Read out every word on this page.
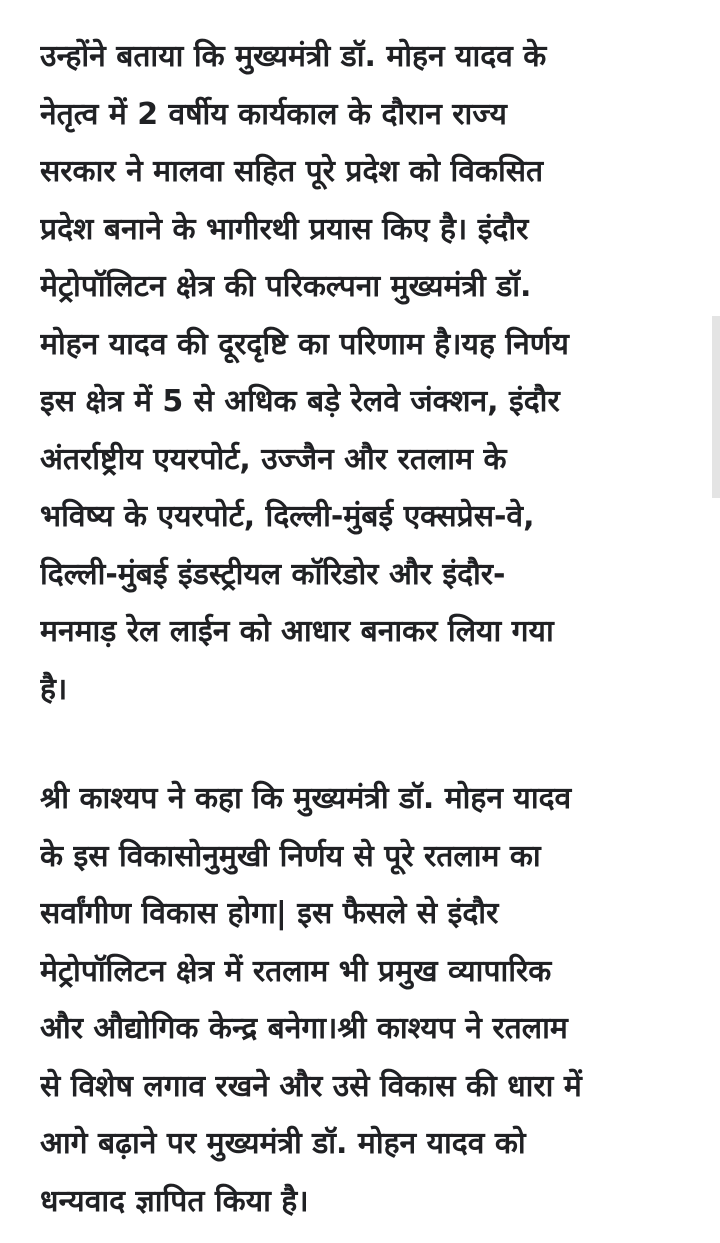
उन्होंने बताया कि मुख्यमंत्री डॉ. मोहन यादव के
नेतृत्व में 2 वर्षीय कार्यकाल के दौरान राज्य
सरकार ने मालवा सहित पूरे प्रदेश को विकसित
प्रदेश बनाने के भागीरथी प्रयास किए है। इंदौर
मेट्रोपॉलिटन क्षेत्र की परिकल्पना मुख्यमंत्री डॉ.
मोहन यादव की दूरदृष्टि का परिणाम है।यह निर्णय
इस क्षेत्र में 5 से अधिक बड़े रेलवे जंक्शन, इंदौर
अंतर्राष्ट्रीय एयरपोर्ट, उज्जैन और रतलाम के
भविष्य के एयरपोर्ट, दिल्ली-मुंबई एक्सप्रेस-वे,
दिल्ली-मुंबई इंडस्ट्रीयल कॉरिडोर और इंदौर-
मनमाड़ रेल लाईन को आधार बनाकर लिया गया
है।

श्री काश्यप ने कहा कि मुख्यमंत्री डॉ. मोहन यादव
के इस विकासोनुमुखी निर्णय से पूरे रतलाम का
सर्वांगीण विकास होगा| इस फैसले से इंदौर
मेट्रोपॉलिटन क्षेत्र में रतलाम भी प्रमुख व्यापारिक
और औद्योगिक केन्द्र बनेगा।श्री काश्यप ने रतलाम
से विशेष लगाव रखने और उसे विकास की धारा में
आगे बढ़ाने पर मुख्यमंत्री डॉ. मोहन यादव को
धन्यवाद ज्ञापित किया है।
